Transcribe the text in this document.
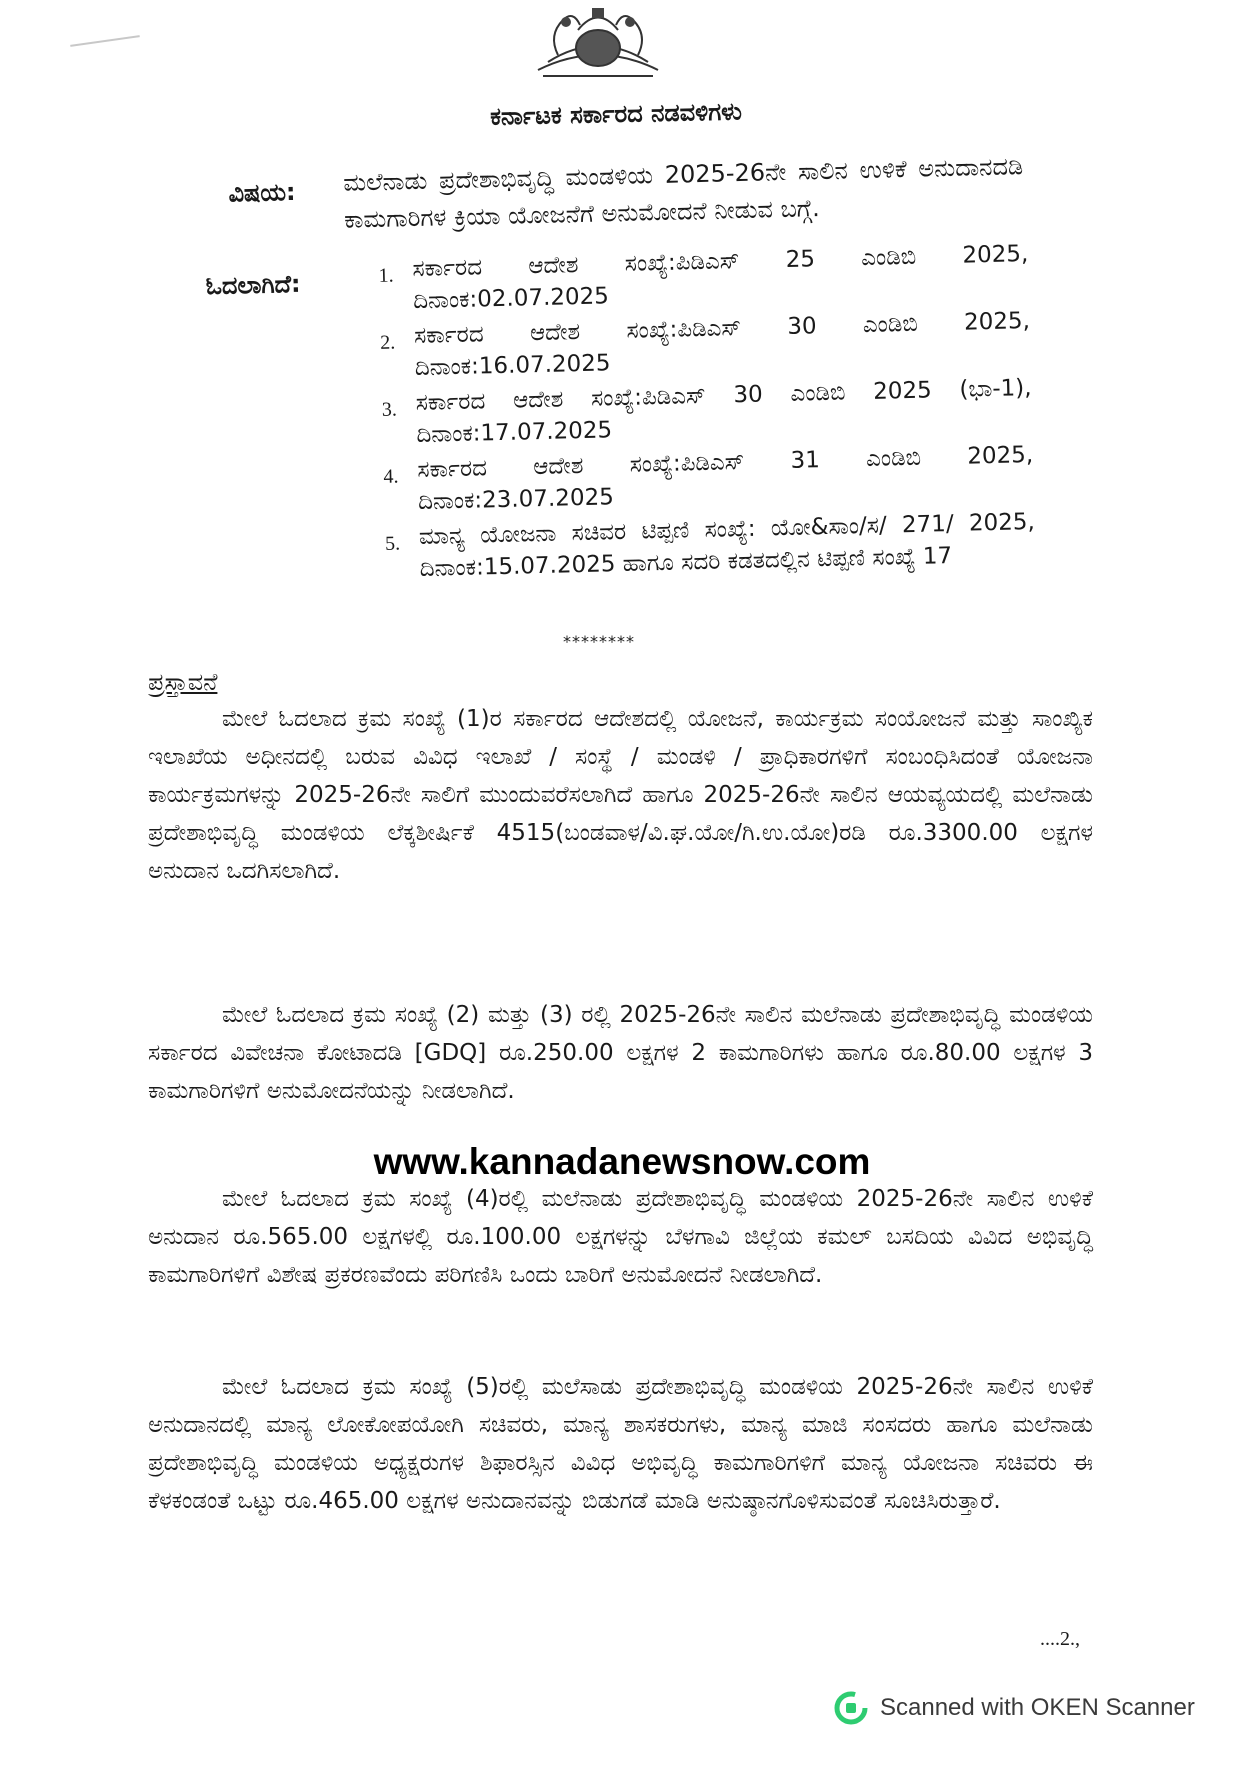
ಕರ್ನಾಟಕ ಸರ್ಕಾರದ ನಡವಳಿಗಳು
ವಿಷಯ: ಮಲೆನಾಡು ಪ್ರದೇಶಾಭಿವೃದ್ಧಿ ಮಂಡಳಿಯ 2025-26ನೇ ಸಾಲಿನ ಉಳಿಕೆ ಅನುದಾನದಡಿ ಕಾಮಗಾರಿಗಳ ಕ್ರಿಯಾ ಯೋಜನೆಗೆ ಅನುಮೋದನೆ ನೀಡುವ ಬಗ್ಗೆ.
ಓದಲಾಗಿದೆ:	1. ಸರ್ಕಾರದ ಆದೇಶ ಸಂಖ್ಯೆ:ಪಿಡಿಎಸ್ 25 ಎಂಡಿಬಿ 2025, ದಿನಾಂಕ:02.07.2025
2. ಸರ್ಕಾರದ ಆದೇಶ ಸಂಖ್ಯೆ:ಪಿಡಿಎಸ್ 30 ಎಂಡಿಬಿ 2025, ದಿನಾಂಕ:16.07.2025
3. ಸರ್ಕಾರದ ಆದೇಶ ಸಂಖ್ಯೆ:ಪಿಡಿಎಸ್ 30 ಎಂಡಿಬಿ 2025 (ಭಾ-1), ದಿನಾಂಕ:17.07.2025
4. ಸರ್ಕಾರದ ಆದೇಶ ಸಂಖ್ಯೆ:ಪಿಡಿಎಸ್ 31 ಎಂಡಿಬಿ 2025, ದಿನಾಂಕ:23.07.2025
5. ಮಾನ್ಯ ಯೋಜನಾ ಸಚಿವರ ಟಿಪ್ಪಣಿ ಸಂಖ್ಯೆ: ಯೋ&ಸಾಂ/ಸ/ 271/ 2025, ದಿನಾಂಕ:15.07.2025 ಹಾಗೂ ಸದರಿ ಕಡತದಲ್ಲಿನ ಟಿಪ್ಪಣಿ ಸಂಖ್ಯೆ 17
********
ಪ್ರಸ್ತಾವನೆ

ಮೇಲೆ ಓದಲಾದ ಕ್ರಮ ಸಂಖ್ಯೆ (1)ರ ಸರ್ಕಾರದ ಆದೇಶದಲ್ಲಿ ಯೋಜನೆ, ಕಾರ್ಯಕ್ರಮ ಸಂಯೋಜನೆ ಮತ್ತು ಸಾಂಖ್ಯಿಕ ಇಲಾಖೆಯ ಅಧೀನದಲ್ಲಿ ಬರುವ ವಿವಿಧ ಇಲಾಖೆ / ಸಂಸ್ಥೆ / ಮಂಡಳಿ / ಪ್ರಾಧಿಕಾರಗಳಿಗೆ ಸಂಬಂಧಿಸಿದಂತೆ ಯೋಜನಾ ಕಾರ್ಯಕ್ರಮಗಳನ್ನು 2025-26ನೇ ಸಾಲಿಗೆ ಮುಂದುವರೆಸಲಾಗಿದೆ ಹಾಗೂ 2025-26ನೇ ಸಾಲಿನ ಆಯವ್ಯಯದಲ್ಲಿ ಮಲೆನಾಡು ಪ್ರದೇಶಾಭಿವೃದ್ಧಿ ಮಂಡಳಿಯ ಲೆಕ್ಕಶೀರ್ಷಿಕೆ 4515(ಬಂಡವಾಳ/ವಿ.ಘ.ಯೋ/ಗಿ.ಉ.ಯೋ)ರಡಿ ರೂ.3300.00 ಲಕ್ಷಗಳ ಅನುದಾನ ಒದಗಿಸಲಾಗಿದೆ.

ಮೇಲೆ ಓದಲಾದ ಕ್ರಮ ಸಂಖ್ಯೆ (2) ಮತ್ತು (3) ರಲ್ಲಿ 2025-26ನೇ ಸಾಲಿನ ಮಲೆನಾಡು ಪ್ರದೇಶಾಭಿವೃದ್ಧಿ ಮಂಡಳಿಯ ಸರ್ಕಾರದ ವಿವೇಚನಾ ಕೋಟಾದಡಿ [GDQ] ರೂ.250.00 ಲಕ್ಷಗಳ 2 ಕಾಮಗಾರಿಗಳು ಹಾಗೂ ರೂ.80.00 ಲಕ್ಷಗಳ 3 ಕಾಮಗಾರಿಗಳಿಗೆ ಅನುಮೋದನೆಯನ್ನು ನೀಡಲಾಗಿದೆ.

ಮೇಲೆ ಓದಲಾದ ಕ್ರಮ ಸಂಖ್ಯೆ (4)ರಲ್ಲಿ ಮಲೆನಾಡು ಪ್ರದೇಶಾಭಿವೃದ್ಧಿ ಮಂಡಳಿಯ 2025-26ನೇ ಸಾಲಿನ ಉಳಿಕೆ ಅನುದಾನ ರೂ.565.00 ಲಕ್ಷಗಳಲ್ಲಿ ರೂ.100.00 ಲಕ್ಷಗಳನ್ನು ಬೆಳಗಾವಿ ಜಿಲ್ಲೆಯ ಕಮಲ್ ಬಸದಿಯ ವಿವಿದ ಅಭಿವೃದ್ಧಿ ಕಾಮಗಾರಿಗಳಿಗೆ ವಿಶೇಷ ಪ್ರಕರಣವೆಂದು ಪರಿಗಣಿಸಿ ಒಂದು ಬಾರಿಗೆ ಅನುಮೋದನೆ ನೀಡಲಾಗಿದೆ.

ಮೇಲೆ ಓದಲಾದ ಕ್ರಮ ಸಂಖ್ಯೆ (5)ರಲ್ಲಿ ಮಲೆಸಾಡು ಪ್ರದೇಶಾಭಿವೃದ್ಧಿ ಮಂಡಳಿಯ 2025-26ನೇ ಸಾಲಿನ ಉಳಿಕೆ ಅನುದಾನದಲ್ಲಿ ಮಾನ್ಯ ಲೋಕೋಪಯೋಗಿ ಸಚಿವರು, ಮಾನ್ಯ ಶಾಸಕರುಗಳು, ಮಾನ್ಯ ಮಾಜಿ ಸಂಸದರು ಹಾಗೂ ಮಲೆನಾಡು ಪ್ರದೇಶಾಭಿವೃದ್ಧಿ ಮಂಡಳಿಯ ಅಧ್ಯಕ್ಷರುಗಳ ಶಿಫಾರಸ್ಸಿನ ವಿವಿಧ ಅಭಿವೃದ್ಧಿ ಕಾಮಗಾರಿಗಳಿಗೆ ಮಾನ್ಯ ಯೋಜನಾ ಸಚಿವರು ಈ ಕೆಳಕಂಡಂತೆ ಒಟ್ಟು ರೂ.465.00 ಲಕ್ಷಗಳ ಅನುದಾನವನ್ನು ಬಿಡುಗಡೆ ಮಾಡಿ ಅನುಷ್ಠಾನಗೊಳಿಸುವಂತೆ ಸೂಚಿಸಿರುತ್ತಾರೆ.

www.kannadanewsnow.com
....2.,
Scanned with OKEN Scanner
